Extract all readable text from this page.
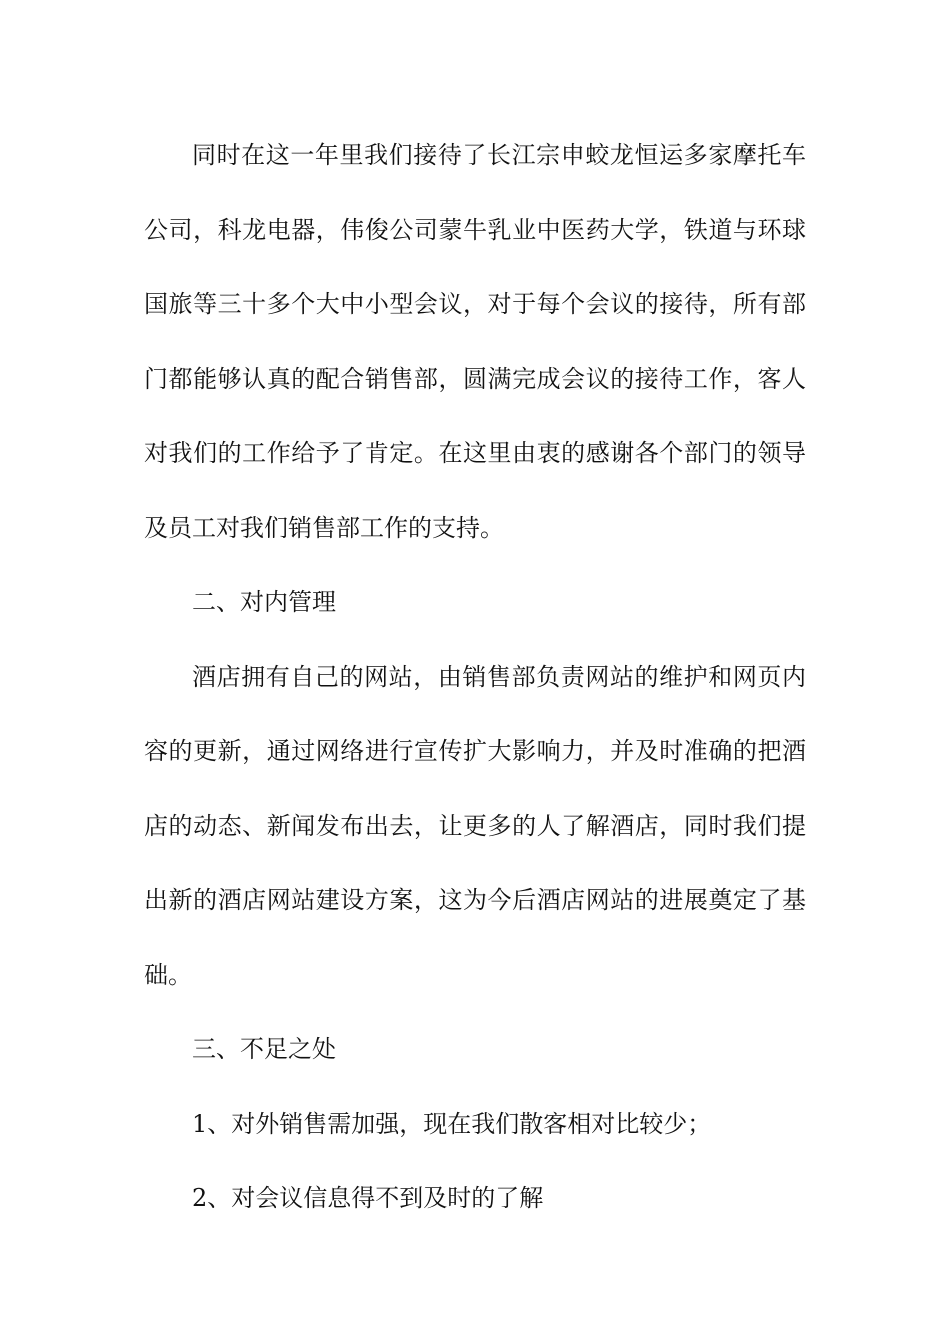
同时在这一年里我们接待了长江宗申蛟龙恒运多家摩托车
公司，科龙电器，伟俊公司蒙牛乳业中医药大学，铁道与环球
国旅等三十多个大中小型会议，对于每个会议的接待，所有部
门都能够认真的配合销售部，圆满完成会议的接待工作，客人
对我们的工作给予了肯定。在这里由衷的感谢各个部门的领导
及员工对我们销售部工作的支持。
二、对内管理
酒店拥有自己的网站，由销售部负责网站的维护和网页内
容的更新，通过网络进行宣传扩大影响力，并及时准确的把酒
店的动态、新闻发布出去，让更多的人了解酒店，同时我们提
出新的酒店网站建设方案，这为今后酒店网站的进展奠定了基
础。
三、不足之处
1、对外销售需加强，现在我们散客相对比较少；
2、对会议信息得不到及时的了解
